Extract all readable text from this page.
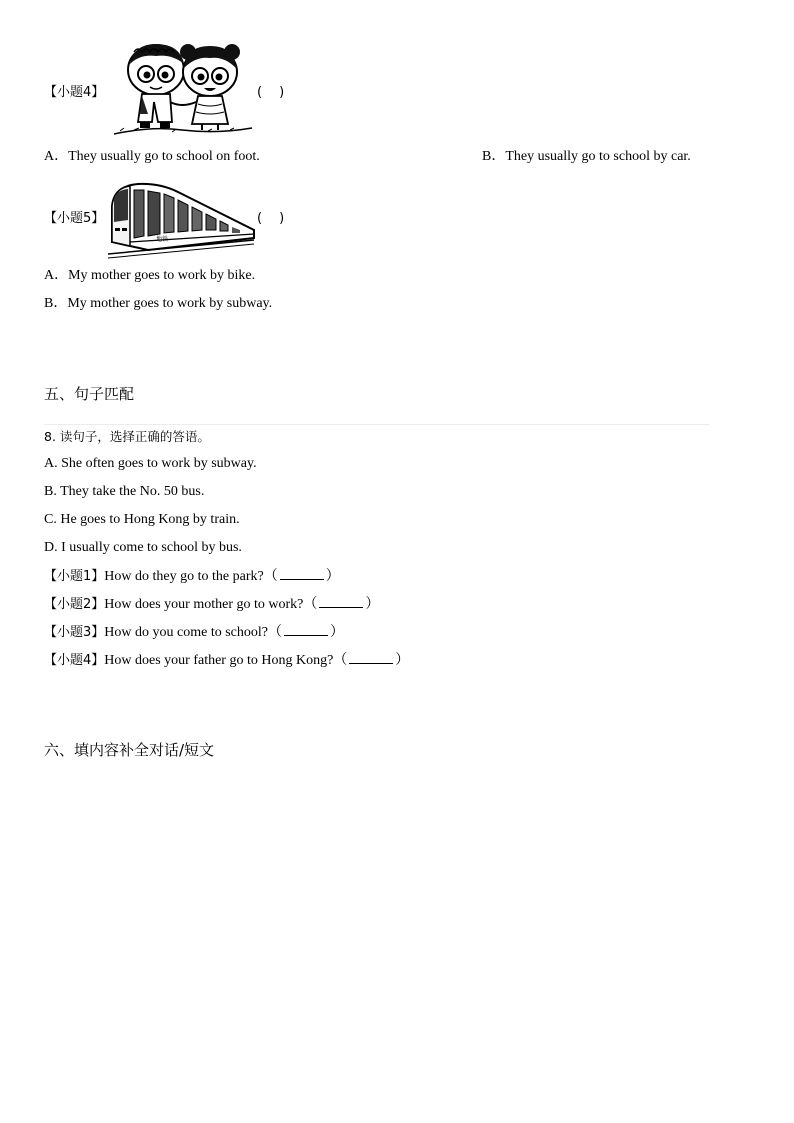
【小题4】	(　)
A．They usually go to school on foot.	B．They usually go to school by car.
【小题5】
地铁
(　)
A．My mother goes to work by bike.
B．My mother goes to work by subway.
五、句子匹配
8. 读句子，选择正确的答语。
A. She often goes to work by subway.
B. They take the No. 50 bus.
C. He goes to Hong Kong by train.
D. I usually come to school by bus.
【小题1】How do they go to the park?（	）
【小题2】How does your mother go to work?（	）
【小题3】How do you come to school?（	）
【小题4】How does your father go to Hong Kong?（	）
六、填内容补全对话/短文
